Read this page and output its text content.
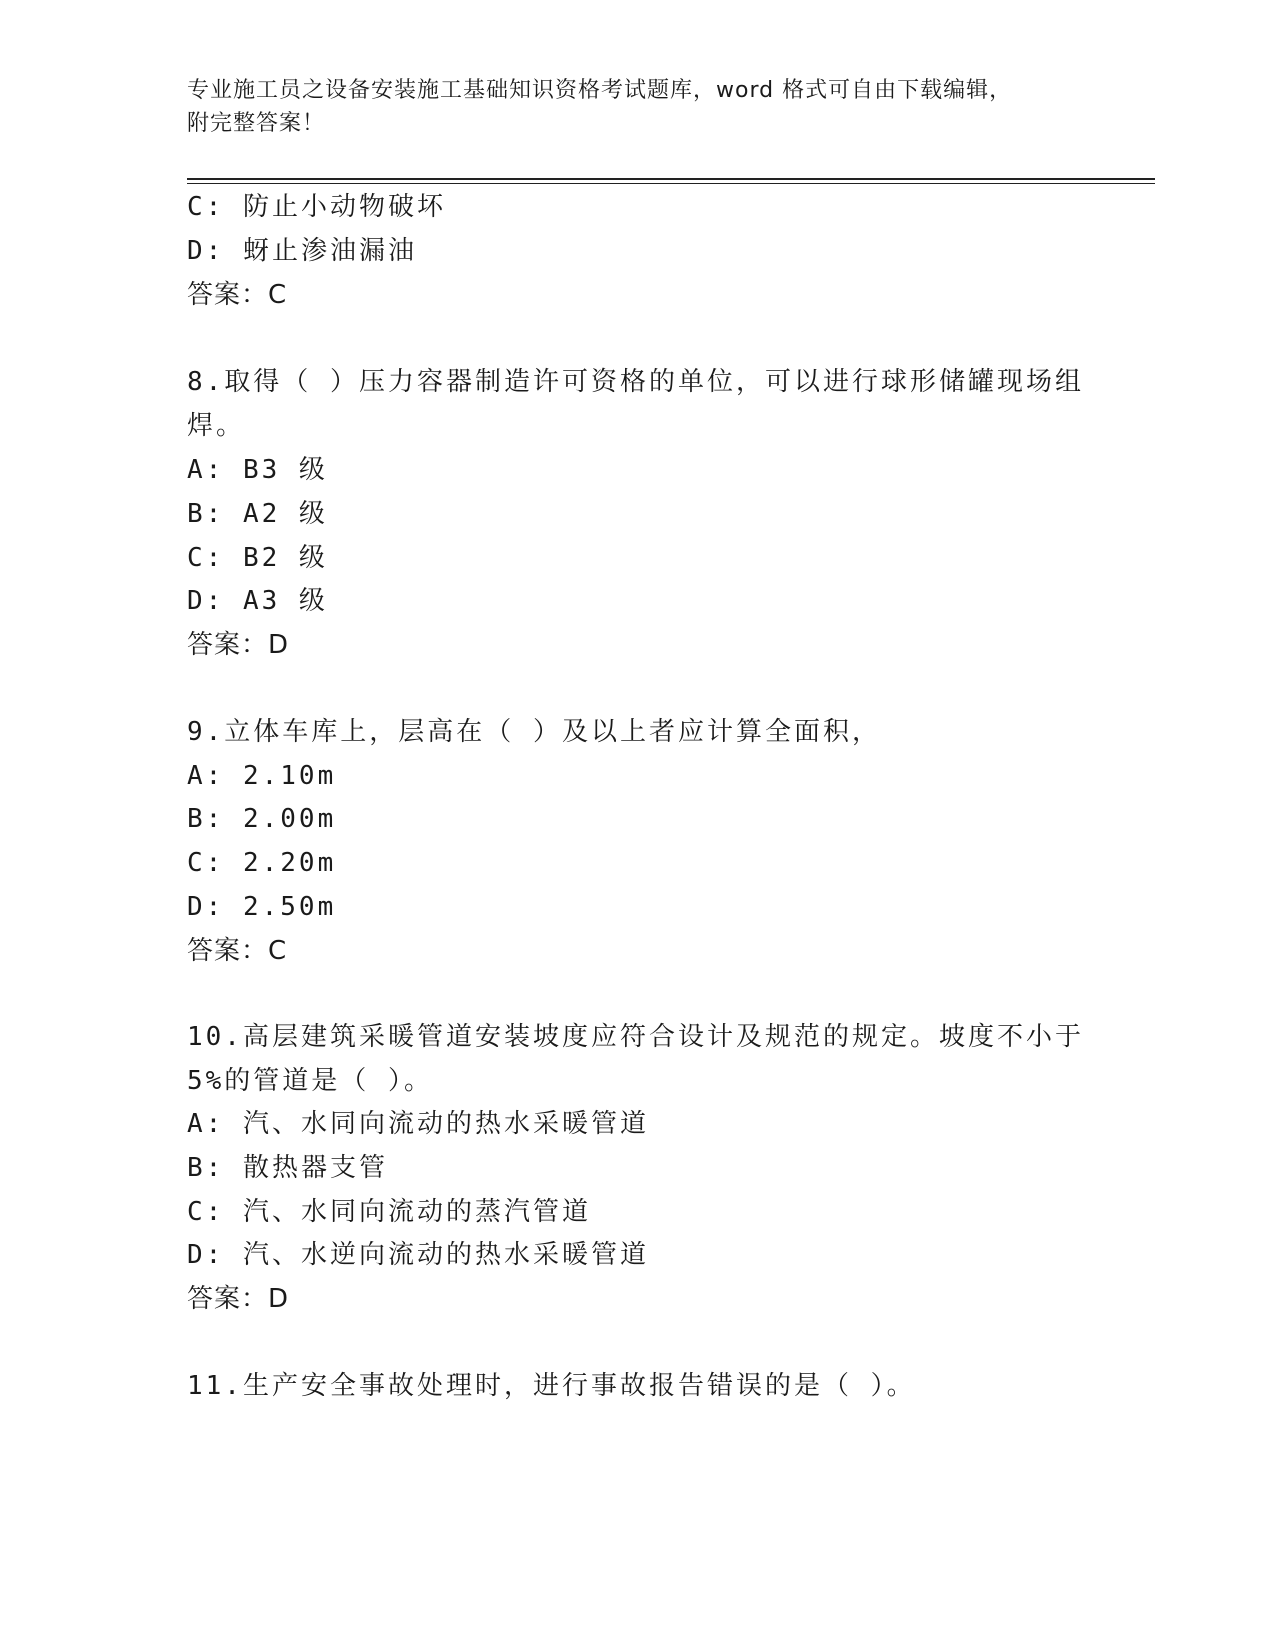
专业施工员之设备安装施工基础知识资格考试题库，word 格式可自由下载编辑，
附完整答案！
C: 防止小动物破坏
D: 蚜止渗油漏油
答案：C
8.取得（ ）压力容器制造许可资格的单位，可以进行球形储罐现场组
焊。
A: B3 级
B: A2 级
C: B2 级
D: A3 级
答案：D
9.立体车库上，层高在（ ）及以上者应计算全面积，
A: 2.10m
B: 2.00m
C: 2.20m
D: 2.50m
答案：C
10.高层建筑采暖管道安装坡度应符合设计及规范的规定。坡度不小于
5%的管道是（ ）。
A: 汽、水同向流动的热水采暖管道
B: 散热器支管
C: 汽、水同向流动的蒸汽管道
D: 汽、水逆向流动的热水采暖管道
答案：D
11.生产安全事故处理时，进行事故报告错误的是（ ）。
